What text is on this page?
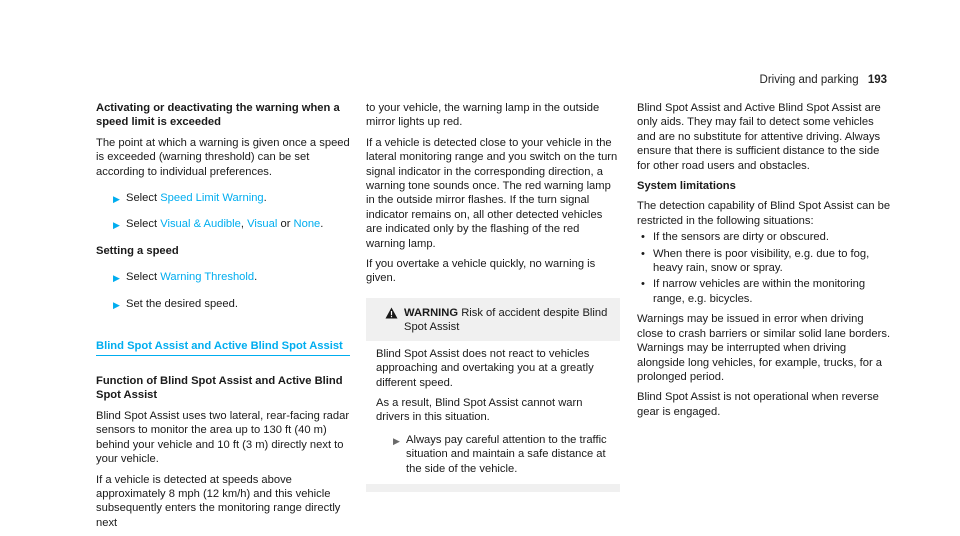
Driving and parking 193

Activating or deactivating the warning when a speed limit is exceeded

The point at which a warning is given once a speed is exceeded (warning threshold) can be set according to individual preferences.

▶ Select Speed Limit Warning.
▶ Select Visual & Audible, Visual or None.

Setting a speed

▶ Select Warning Threshold.
▶ Set the desired speed.
Blind Spot Assist and Active Blind Spot Assist

Function of Blind Spot Assist and Active Blind Spot Assist

Blind Spot Assist uses two lateral, rear-facing radar sensors to monitor the area up to 130 ft (40 m) behind your vehicle and 10 ft (3 m) directly next to your vehicle.

If a vehicle is detected at speeds above approximately 8 mph (12 km/h) and this vehicle subsequently enters the monitoring range directly next

to your vehicle, the warning lamp in the outside mirror lights up red.

If a vehicle is detected close to your vehicle in the lateral monitoring range and you switch on the turn signal indicator in the corresponding direction, a warning tone sounds once. The red warning lamp in the outside mirror flashes. If the turn signal indicator remains on, all other detected vehicles are indicated only by the flashing of the red warning lamp.

If you overtake a vehicle quickly, no warning is given.

WARNING Risk of accident despite Blind Spot Assist

Blind Spot Assist does not react to vehicles approaching and overtaking you at a greatly different speed.

As a result, Blind Spot Assist cannot warn drivers in this situation.

▶ Always pay careful attention to the traffic situation and maintain a safe distance at the side of the vehicle.

Blind Spot Assist and Active Blind Spot Assist are only aids. They may fail to detect some vehicles and are no substitute for attentive driving. Always ensure that there is sufficient distance to the side for other road users and obstacles.

System limitations

The detection capability of Blind Spot Assist can be restricted in the following situations:

• If the sensors are dirty or obscured.
• When there is poor visibility, e.g. due to fog, heavy rain, snow or spray.
• If narrow vehicles are within the monitoring range, e.g. bicycles.

Warnings may be issued in error when driving close to crash barriers or similar solid lane borders. Warnings may be interrupted when driving alongside long vehicles, for example, trucks, for a prolonged period.

Blind Spot Assist is not operational when reverse gear is engaged.
